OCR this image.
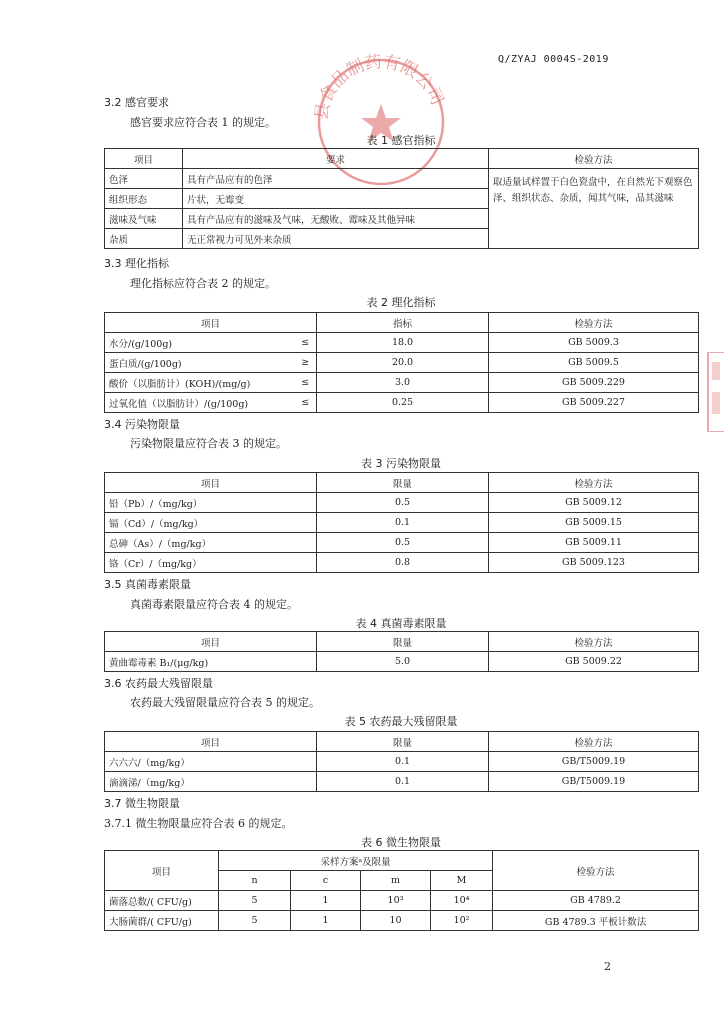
Q/ZYAJ 0004S-2019
县食品制药有限公司
3.2 感官要求
感官要求应符合表 1 的规定。
表 1 感官指标
项目	要求	检验方法
色泽	具有产品应有的色泽	取适量试样置于白色瓷盘中，在自然光下观察色泽、组织状态、杂质，闻其气味，品其滋味
组织形态	片状，无霉变	
滋味及气味	具有产品应有的滋味及气味，无酸败、霉味及其他异味	
杂质	无正常视力可见外来杂质	
3.3 理化指标
理化指标应符合表 2 的规定。
表 2 理化指标
项目		指标	检验方法
水分/(g/100g)	≤	18.0	GB 5009.3
蛋白质/(g/100g)	≥	20.0	GB 5009.5
酸价（以脂肪计）(KOH)/(mg/g)	≤	3.0	GB 5009.229
过氧化值（以脂肪计）/(g/100g)	≤	0.25	GB 5009.227
3.4 污染物限量
污染物限量应符合表 3 的规定。
表 3 污染物限量
项目	限量	检验方法
铅（Pb）/（mg/kg）	0.5	GB 5009.12
镉（Cd）/（mg/kg）	0.1	GB 5009.15
总砷（As）/（mg/kg）	0.5	GB 5009.11
铬（Cr）/（mg/kg）	0.8	GB 5009.123
3.5 真菌毒素限量
真菌毒素限量应符合表 4 的规定。
表 4 真菌毒素限量
项目	限量	检验方法
黄曲霉毒素 B₁/(μg/kg)	5.0	GB 5009.22
3.6 农药最大残留限量
农药最大残留限量应符合表 5 的规定。
表 5 农药最大残留限量
项目	限量	检验方法
六六六/（mg/kg）	0.1	GB/T5009.19
滴滴涕/（mg/kg）	0.1	GB/T5009.19
3.7 微生物限量
3.7.1 微生物限量应符合表 6 的规定。
表 6 微生物限量
项目	采样方案ᵃ及限量				检验方法
	n	c	m	M	
菌落总数/( CFU/g)	5	1	10³	10⁴	GB 4789.2
大肠菌群/( CFU/g)	5	1	10	10²	GB 4789.3 平板计数法
2
